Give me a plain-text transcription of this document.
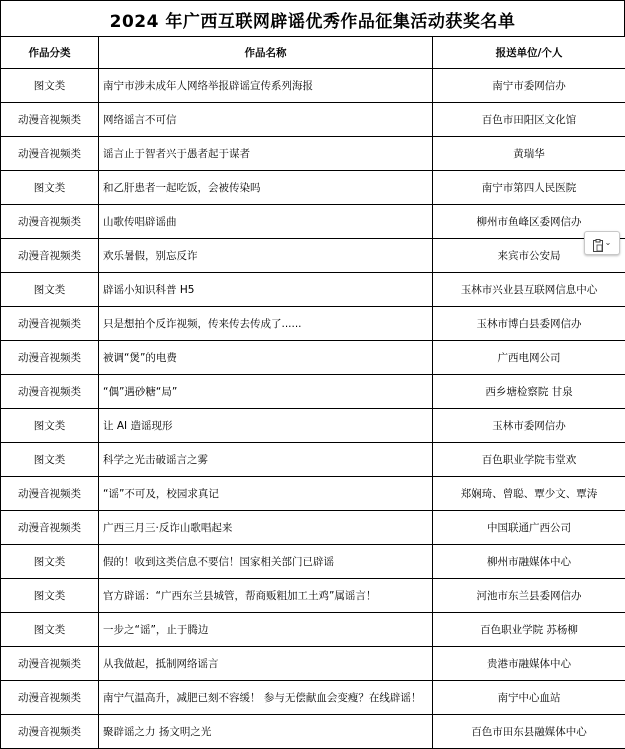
2024 年广西互联网辟谣优秀作品征集活动获奖名单
作品分类	作品名称	报送单位/个人
图文类	南宁市涉未成年人网络举报辟谣宣传系列海报	南宁市委网信办
动漫音视频类	网络谣言不可信	百色市田阳区文化馆
动漫音视频类	谣言止于智者兴于愚者起于谋者	黄瑞华
图文类	和乙肝患者一起吃饭，会被传染吗	南宁市第四人民医院
动漫音视频类	山歌传唱辟谣曲	柳州市鱼峰区委网信办
动漫音视频类	欢乐暑假，别忘反诈	来宾市公安局
图文类	辟谣小知识科普 H5	玉林市兴业县互联网信息中心
动漫音视频类	只是想拍个反诈视频，传来传去传成了......	玉林市博白县委网信办
动漫音视频类	被调“煲”的电费	广西电网公司
动漫音视频类	“偶”遇砂糖“局”	西乡塘检察院 甘泉
图文类	让 AI 造谣现形	玉林市委网信办
图文类	科学之光击破谣言之雾	百色职业学院韦堂欢
动漫音视频类	“谣”不可及，校园求真记	郑娴琦、曾聪、覃少文、覃涛
动漫音视频类	广西三月三·反诈山歌唱起来	中国联通广西公司
图文类	假的！收到这类信息不要信！国家相关部门已辟谣	柳州市融媒体中心
图文类	官方辟谣：“广西东兰县城管，帮商贩粗加工土鸡”属谣言！	河池市东兰县委网信办
图文类	一步之“谣”，止于腾边	百色职业学院 苏杨柳
动漫音视频类	从我做起，抵制网络谣言	贵港市融媒体中心
动漫音视频类	南宁气温高升，减肥已刻不容缓！ 参与无偿献血会变瘦？在线辟谣！	南宁中心血站
动漫音视频类	聚辟谣之力 扬文明之光	百色市田东县融媒体中心
⌄
